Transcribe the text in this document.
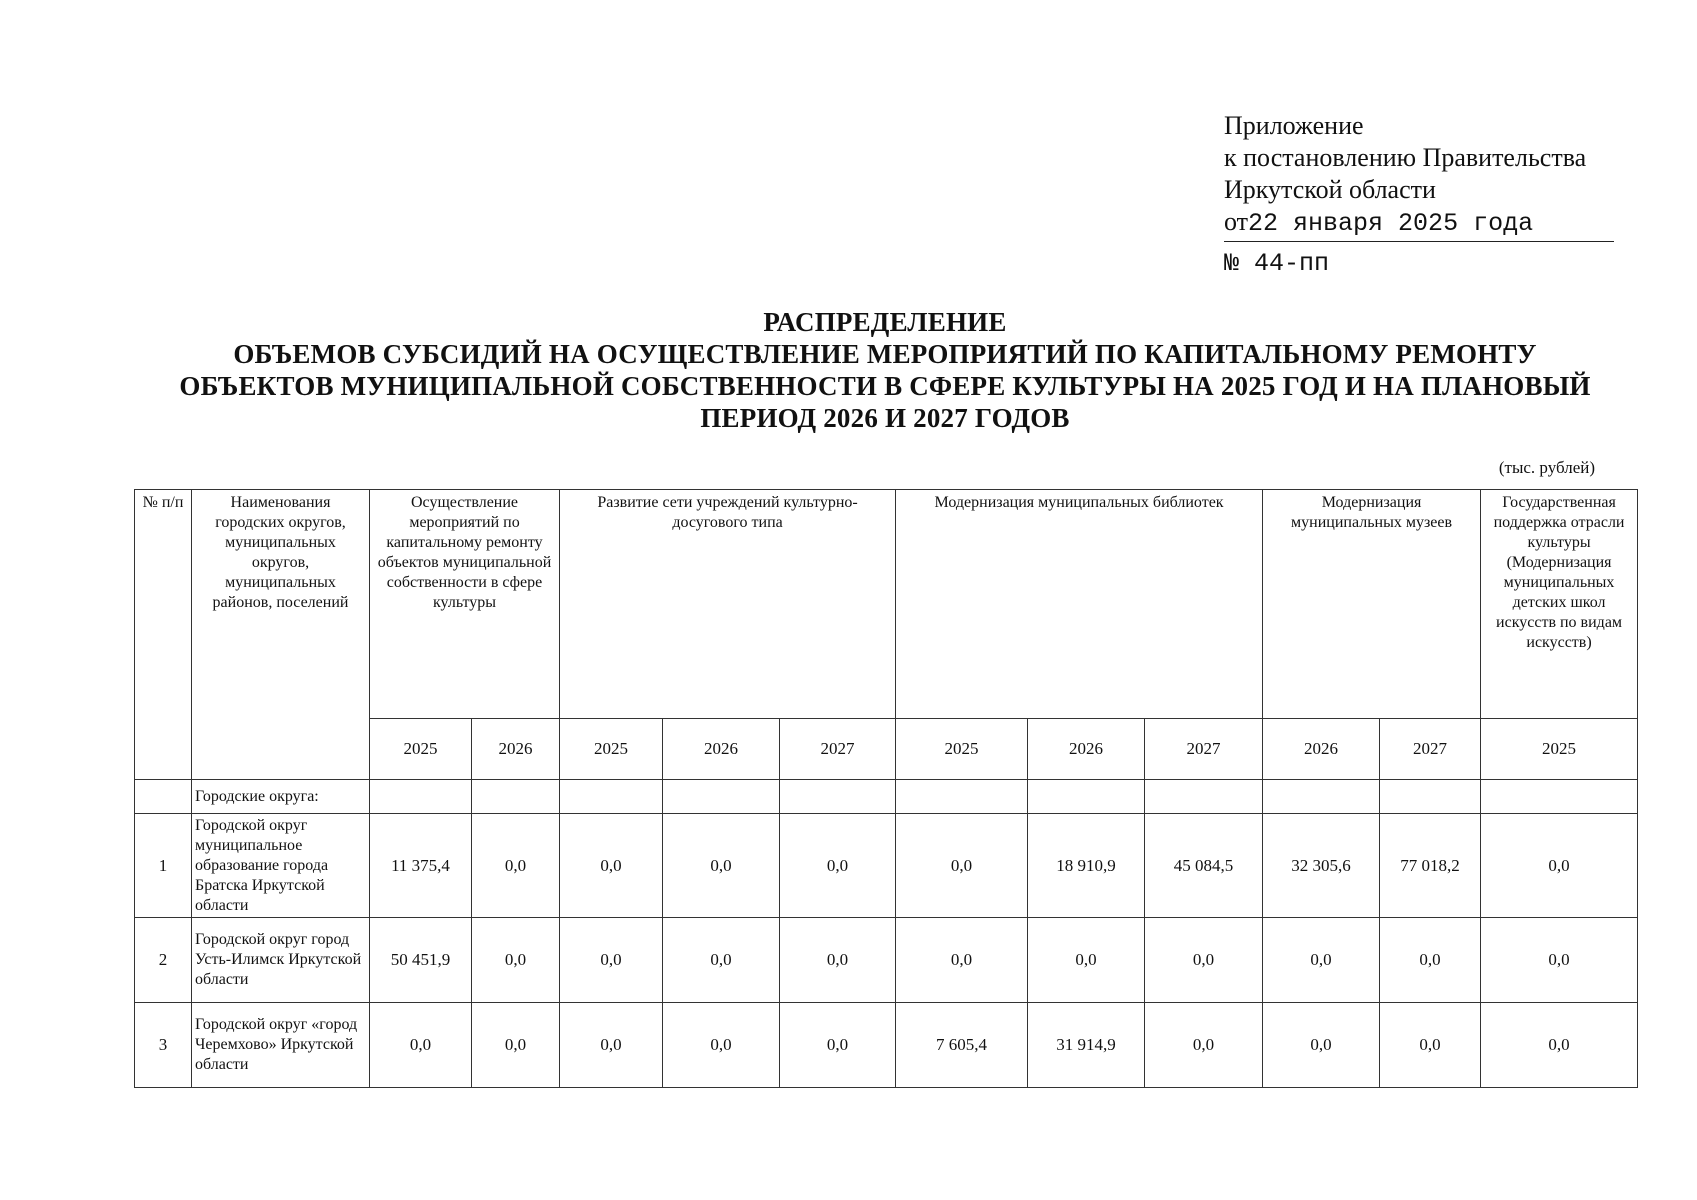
Приложение
к постановлению Правительства
Иркутской области
от22 января 2025 года
№ 44-пп
РАСПРЕДЕЛЕНИЕ
ОБЪЕМОВ СУБСИДИЙ НА ОСУЩЕСТВЛЕНИЕ МЕРОПРИЯТИЙ ПО КАПИТАЛЬНОМУ РЕМОНТУ
ОБЪЕКТОВ МУНИЦИПАЛЬНОЙ СОБСТВЕННОСТИ В СФЕРЕ КУЛЬТУРЫ НА 2025 ГОД И НА ПЛАНОВЫЙ
ПЕРИОД 2026 И 2027 ГОДОВ
(тыс. рублей)
№ п/п	Наименования городских округов, муниципальных округов, муниципальных районов, поселений	Осуществление мероприятий по капитальному ремонту объектов муниципальной собственности в сфере культуры		Развитие сети учреждений культурно-досугового типа			Модернизация муниципальных библиотек			Модернизация муниципальных музеев		Государственная поддержка отрасли культуры (Модернизация муниципальных детских школ искусств по видам искусств)
		2025	2026	2025	2026	2027	2025	2026	2027	2026	2027	2025
	Городские округа:											
1	Городской округ муниципальное образование города Братска Иркутской области	11 375,4	0,0	0,0	0,0	0,0	0,0	18 910,9	45 084,5	32 305,6	77 018,2	0,0
2	Городской округ город Усть-Илимск Иркутской области	50 451,9	0,0	0,0	0,0	0,0	0,0	0,0	0,0	0,0	0,0	0,0
3	Городской округ «город Черемхово» Иркутской области	0,0	0,0	0,0	0,0	0,0	7 605,4	31 914,9	0,0	0,0	0,0	0,0
